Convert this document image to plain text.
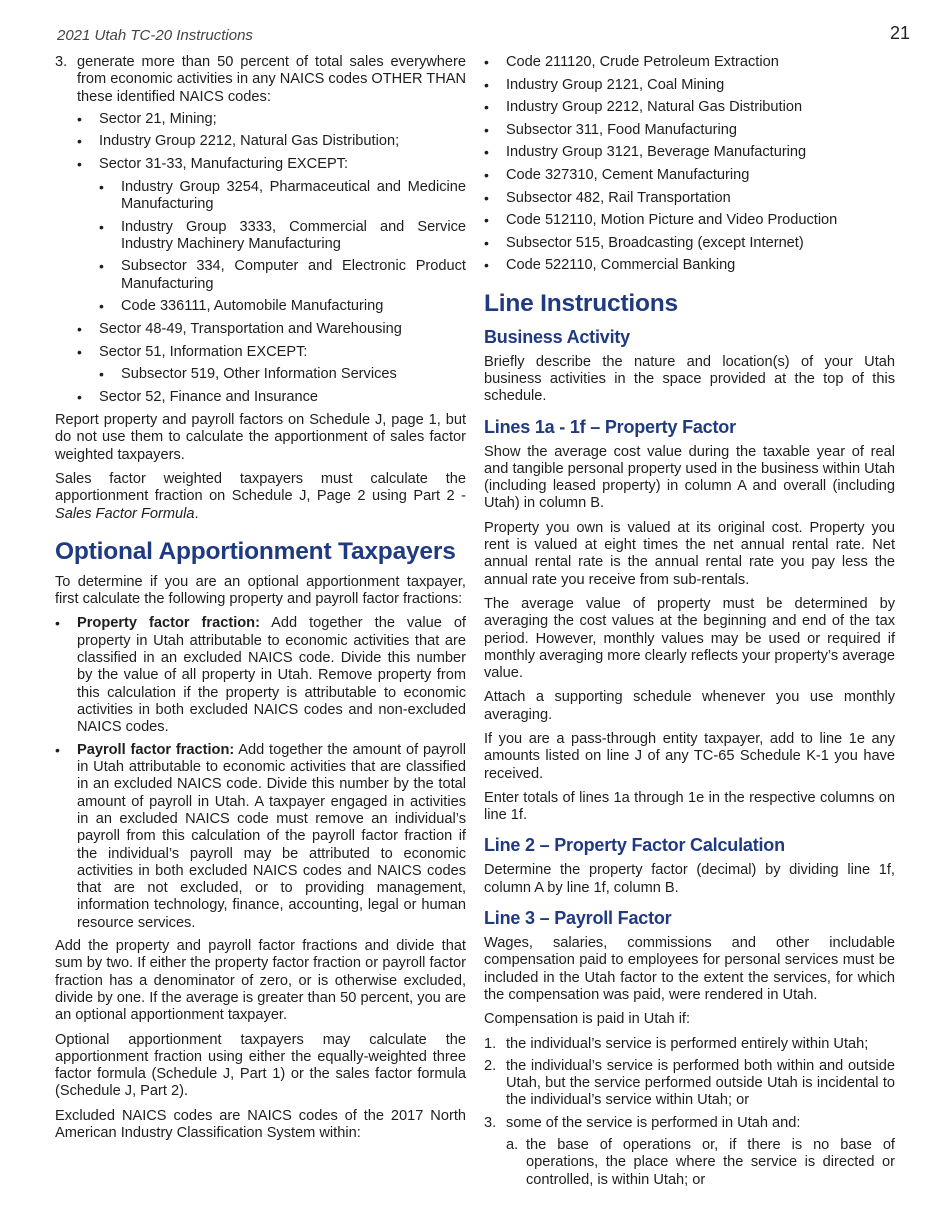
2021 Utah TC-20 Instructions	21
3. generate more than 50 percent of total sales everywhere from economic activities in any NAICS codes OTHER THAN these identified NAICS codes:
•	Sector 21, Mining;
•	Industry Group 2212, Natural Gas Distribution;
•	Sector 31-33, Manufacturing EXCEPT:
•	Industry Group 3254, Pharmaceutical and Medicine Manufacturing
•	Industry Group 3333, Commercial and Service Industry Machinery Manufacturing
•	Subsector 334, Computer and Electronic Product Manufacturing
•	Code 336111, Automobile Manufacturing
•	Sector 48-49, Transportation and Warehousing
•	Sector 51, Information EXCEPT:
•	Subsector 519, Other Information Services
•	Sector 52, Finance and Insurance

Report property and payroll factors on Schedule J, page 1, but do not use them to calculate the apportionment of sales factor weighted taxpayers.

Sales factor weighted taxpayers must calculate the apportionment fraction on Schedule J, Page 2 using Part 2 - Sales Factor Formula.

Optional Apportionment Taxpayers

To determine if you are an optional apportionment taxpayer, first calculate the following property and payroll factor fractions:

•	Property factor fraction: Add together the value of property in Utah attributable to economic activities that are classified in an excluded NAICS code. Divide this number by the value of all property in Utah. Remove property from this calculation if the property is attributable to economic activities in both excluded NAICS codes and non-excluded NAICS codes.
•	Payroll factor fraction: Add together the amount of payroll in Utah attributable to economic activities that are classified in an excluded NAICS code. Divide this number by the total amount of payroll in Utah. A taxpayer engaged in activities in an excluded NAICS code must remove an individual’s payroll from this calculation of the payroll factor fraction if the individual’s payroll may be attributed to economic activities in both excluded NAICS codes and NAICS codes that are not excluded, or to providing management, information technology, finance, accounting, legal or human resource services.

Add the property and payroll factor fractions and divide that sum by two. If either the property factor fraction or payroll factor fraction has a denominator of zero, or is otherwise excluded, divide by one. If the average is greater than 50 percent, you are an optional apportionment taxpayer.

Optional apportionment taxpayers may calculate the apportionment fraction using either the equally-weighted three factor formula (Schedule J, Part 1) or the sales factor formula (Schedule J, Part 2).

Excluded NAICS codes are NAICS codes of the 2017 North American Industry Classification System within:

•	Code 211120, Crude Petroleum Extraction
•	Industry Group 2121, Coal Mining
•	Industry Group 2212, Natural Gas Distribution
•	Subsector 311, Food Manufacturing
•	Industry Group 3121, Beverage Manufacturing
•	Code 327310, Cement Manufacturing
•	Subsector 482, Rail Transportation
•	Code 512110, Motion Picture and Video Production
•	Subsector 515, Broadcasting (except Internet)
•	Code 522110, Commercial Banking
Line Instructions
Business Activity

Briefly describe the nature and location(s) of your Utah business activities in the space provided at the top of this schedule.

Lines 1a - 1f – Property Factor

Show the average cost value during the taxable year of real and tangible personal property used in the business within Utah (including leased property) in column A and overall (including Utah) in column B.

Property you own is valued at its original cost. Property you rent is valued at eight times the net annual rental rate. Net annual rental rate is the annual rental rate you pay less the annual rate you receive from sub-rentals.

The average value of property must be determined by averaging the cost values at the beginning and end of the tax period. However, monthly values may be used or required if monthly averaging more clearly reflects your property’s average value.

Attach a supporting schedule whenever you use monthly averaging.

If you are a pass-through entity taxpayer, add to line 1e any amounts listed on line J of any TC-65 Schedule K-1 you have received.

Enter totals of lines 1a through 1e in the respective columns on line 1f.

Line 2 – Property Factor Calculation

Determine the property factor (decimal) by dividing line 1f, column A by line 1f, column B.

Line 3 – Payroll Factor

Wages, salaries, commissions and other includable compensation paid to employees for personal services must be included in the Utah factor to the extent the services, for which the compensation was paid, were rendered in Utah.

Compensation is paid in Utah if:

1. the individual’s service is performed entirely within Utah;
2. the individual’s service is performed both within and outside Utah, but the service performed outside Utah is incidental to the individual’s service within Utah; or
3. some of the service is performed in Utah and:
a. the base of operations or, if there is no base of operations, the place where the service is directed or controlled, is within Utah; or
